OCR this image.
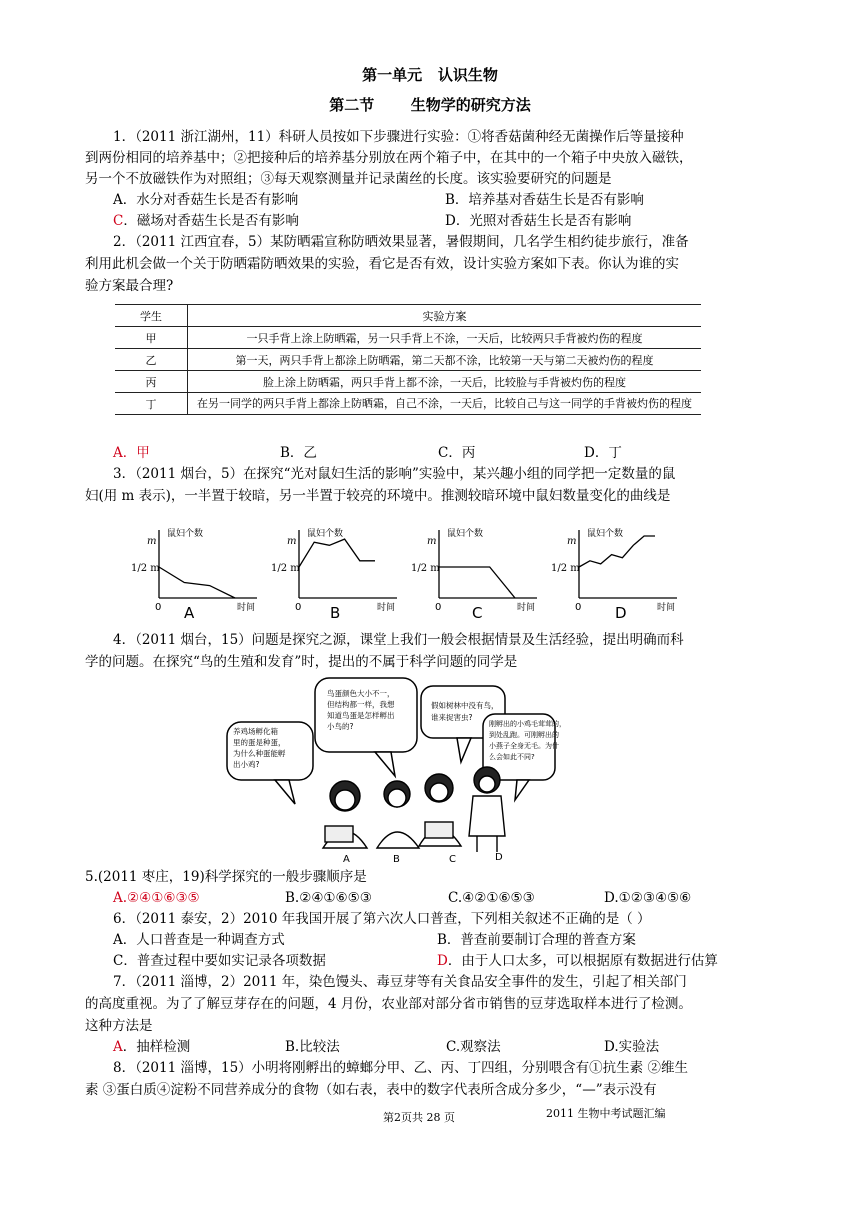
第一单元   认识生物
第二节       生物学的研究方法
1．（2011 浙江湖州，11）科研人员按如下步骤进行实验：①将香菇菌种经无菌操作后等量接种
到两份相同的培养基中；②把接种后的培养基分别放在两个箱子中，在其中的一个箱子中央放入磁铁，
另一个不放磁铁作为对照组；③每天观察测量并记录菌丝的长度。该实验要研究的问题是
A．水分对香菇生长是否有影响	B．培养基对香菇生长是否有影响
C．磁场对香菇生长是否有影响	D．光照对香菇生长是否有影响
2．（2011 江西宜春，5）某防晒霜宣称防晒效果显著，暑假期间，几名学生相约徒步旅行，准备
利用此机会做一个关于防晒霜防晒效果的实验，看它是否有效，设计实验方案如下表。你认为谁的实
验方案最合理?
学生	实验方案
甲	一只手背上涂上防晒霜，另一只手背上不涂，一天后，比较两只手背被灼伤的程度
乙	第一天，两只手背上都涂上防晒霜，第二天都不涂，比较第一天与第二天被灼伤的程度
丙	脸上涂上防晒霜，两只手背上都不涂，一天后，比较脸与手背被灼伤的程度
丁	在另一同学的两只手背上都涂上防晒霜，自己不涂，一天后，比较自己与这一同学的手背被灼伤的程度
A．甲	B．乙	C．丙	D．丁
3．（2011 烟台，5）在探究“光对鼠妇生活的影响”实验中，某兴趣小组的同学把一定数量的鼠
妇(用 m 表示)，一半置于较暗，另一半置于较亮的环境中。推测较暗环境中鼠妇数量变化的曲线是
鼠妇个数
时间
0
m
1/2 m
鼠妇个数
时间
0
m
1/2 m
鼠妇个数
时间
0
m
1/2 m
鼠妇个数
时间
0
m
1/2 m
A	B	C	D
4．（2011 烟台，15）问题是探究之源，课堂上我们一般会根据情景及生活经验，提出明确而科
学的问题。在探究“鸟的生殖和发育”时，提出的不属于科学问题的同学是
养鸡场孵化箱 里的蛋是种蛋， 为什么种蛋能孵 出小鸡?
鸟蛋颜色大小不一， 但结构都一样，我想 知道鸟蛋是怎样孵出 小鸟的?
假如树林中没有鸟， 谁来捉害虫?
刚孵出的小鸡毛茸茸的， 到处乱跑。可刚孵出的 小燕子全身无毛。为什 么会如此不同?
A	B	C	D
5.(2011 枣庄，19)科学探究的一般步骤顺序是
A.②④①⑥③⑤	B.②④①⑥⑤③	C.④②①⑥⑤③	D.①②③④⑤⑥
6．（2011 泰安，2）2010 年我国开展了第六次人口普查，下列相关叙述不正确的是（ ）
A．人口普查是一种调查方式	B．普查前要制订合理的普查方案
C．普查过程中要如实记录各项数据	D．由于人口太多，可以根据原有数据进行估算
7．（2011 淄博，2）2011 年，染色馒头、毒豆芽等有关食品安全事件的发生，引起了相关部门
的高度重视。为了了解豆芽存在的问题，4 月份，农业部对部分省市销售的豆芽选取样本进行了检测。
这种方法是
A．抽样检测	B.比较法	C.观察法	D.实验法
8．（2011 淄博，15）小明将刚孵出的蟑螂分甲、乙、丙、丁四组，分别喂含有①抗生素 ②维生
素 ③蛋白质④淀粉不同营养成分的食物（如右表，表中的数字代表所含成分多少，“—”表示没有
第2页共 28 页	2011 生物中考试题汇编
